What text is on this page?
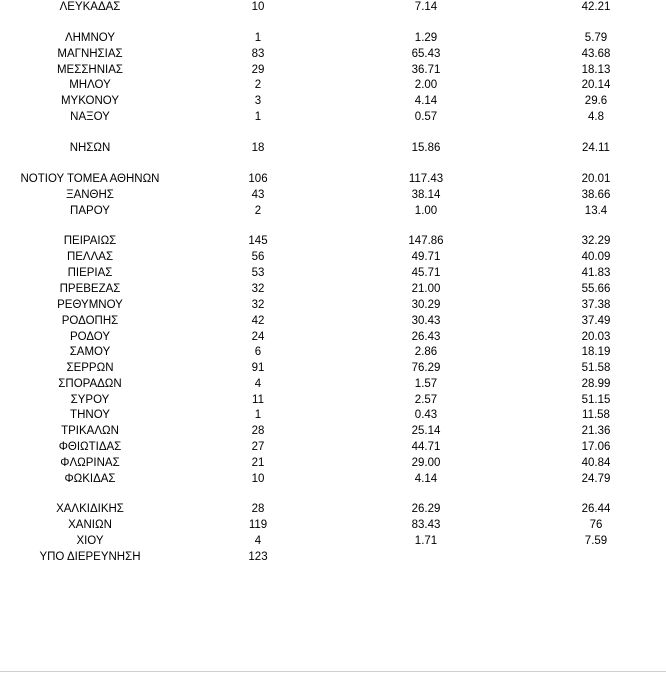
ΛΕΥΚΑΔΑΣ	10	7.14	42.21
ΛΗΜΝΟΥ	1	1.29	5.79
ΜΑΓΝΗΣΙΑΣ	83	65.43	43.68
ΜΕΣΣΗΝΙΑΣ	29	36.71	18.13
ΜΗΛΟΥ	2	2.00	20.14
ΜΥΚΟΝΟΥ	3	4.14	29.6
ΝΑΞΟΥ	1	0.57	4.8
ΝΗΣΩΝ	18	15.86	24.11
ΝΟΤΙΟΥ ΤΟΜΕΑ ΑΘΗΝΩΝ	106	117.43	20.01
ΞΑΝΘΗΣ	43	38.14	38.66
ΠΑΡΟΥ	2	1.00	13.4
ΠΕΙΡΑΙΩΣ	145	147.86	32.29
ΠΕΛΛΑΣ	56	49.71	40.09
ΠΙΕΡΙΑΣ	53	45.71	41.83
ΠΡΕΒΕΖΑΣ	32	21.00	55.66
ΡΕΘΥΜΝΟΥ	32	30.29	37.38
ΡΟΔΟΠΗΣ	42	30.43	37.49
ΡΟΔΟΥ	24	26.43	20.03
ΣΑΜΟΥ	6	2.86	18.19
ΣΕΡΡΩΝ	91	76.29	51.58
ΣΠΟΡΑΔΩΝ	4	1.57	28.99
ΣΥΡΟΥ	11	2.57	51.15
ΤΗΝΟΥ	1	0.43	11.58
ΤΡΙΚΑΛΩΝ	28	25.14	21.36
ΦΘΙΩΤΙΔΑΣ	27	44.71	17.06
ΦΛΩΡΙΝΑΣ	21	29.00	40.84
ΦΩΚΙΔΑΣ	10	4.14	24.79
ΧΑΛΚΙΔΙΚΗΣ	28	26.29	26.44
ΧΑΝΙΩΝ	119	83.43	76
ΧΙΟΥ	4	1.71	7.59
ΥΠΟ ΔΙΕΡΕΥΝΗΣΗ	123
